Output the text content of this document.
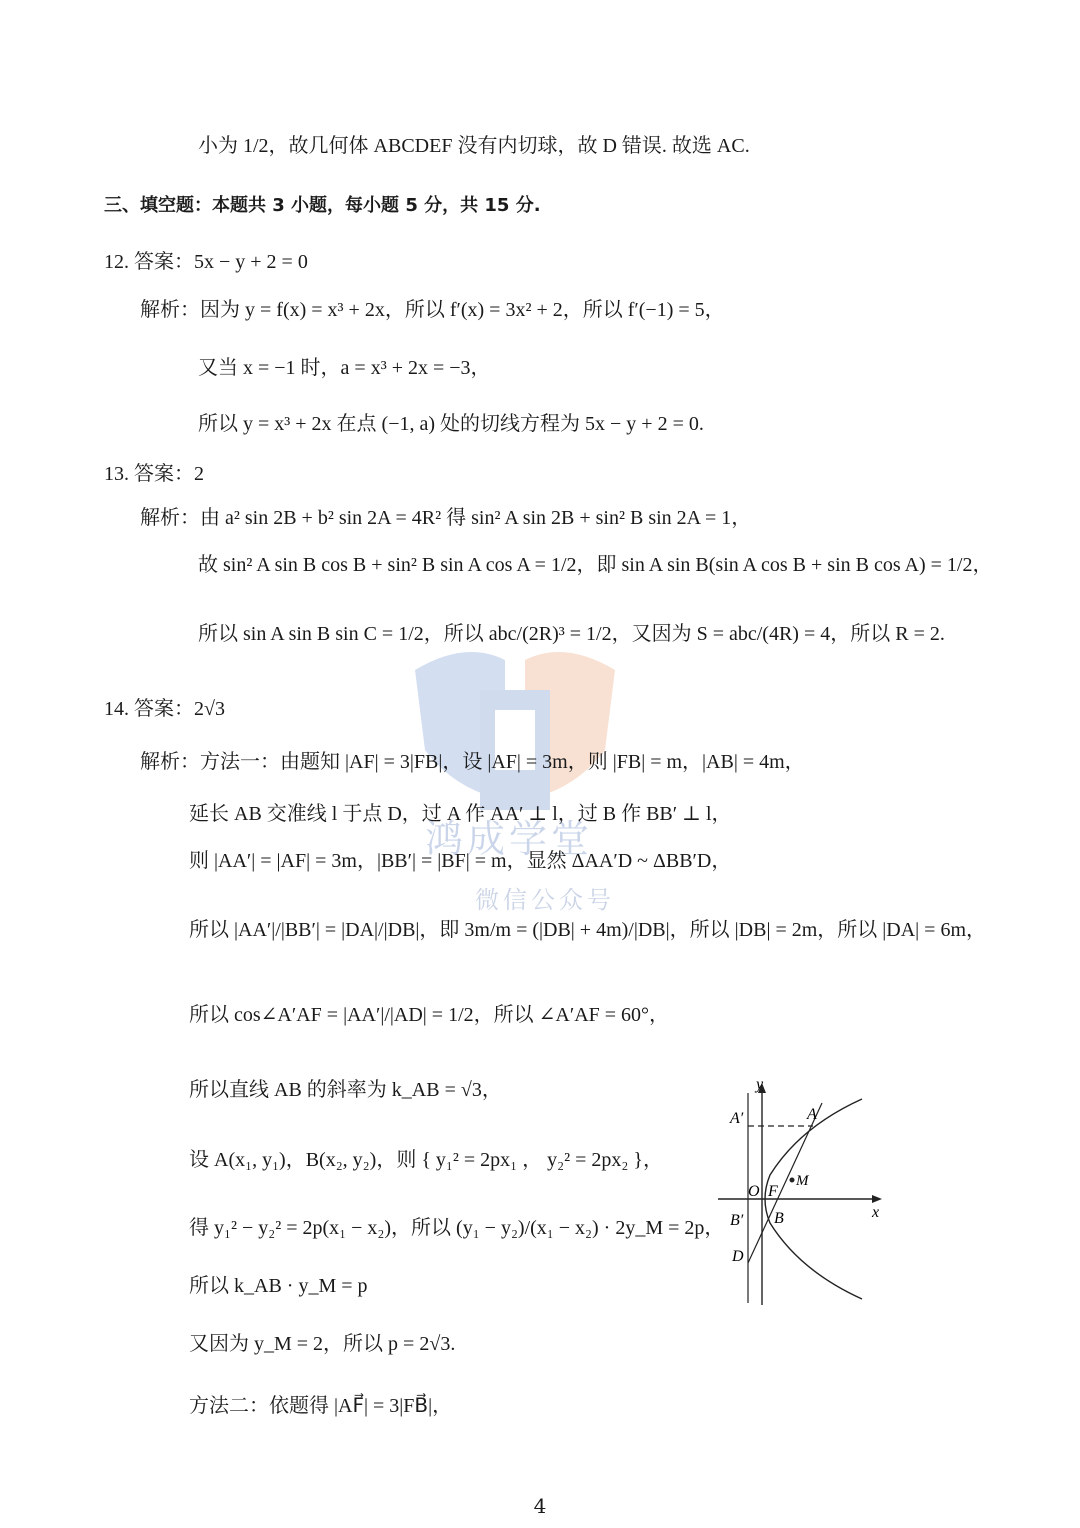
鸿成学堂
微信公众号
小为 1/2，故几何体 ABCDEF 没有内切球，故 D 错误. 故选 AC.
三、填空题：本题共 3 小题，每小题 5 分，共 15 分.
12. 答案：5x − y + 2 = 0
解析：因为 y = f(x) = x³ + 2x，所以 f′(x) = 3x² + 2，所以 f′(−1) = 5，
又当 x = −1 时，a = x³ + 2x = −3，
所以 y = x³ + 2x 在点 (−1, a) 处的切线方程为 5x − y + 2 = 0.
13. 答案：2
解析：由 a² sin 2B + b² sin 2A = 4R² 得 sin² A sin 2B + sin² B sin 2A = 1，
故 sin² A sin B cos B + sin² B sin A cos A = 1/2，即 sin A sin B(sin A cos B + sin B cos A) = 1/2，
所以 sin A sin B sin C = 1/2，所以 abc/(2R)³ = 1/2，又因为 S = abc/(4R) = 4，所以 R = 2.
14. 答案：2√3
解析：方法一：由题知 |AF| = 3|FB|，设 |AF| = 3m，则 |FB| = m，|AB| = 4m，
延长 AB 交准线 l 于点 D，过 A 作 AA′ ⊥ l，过 B 作 BB′ ⊥ l，
则 |AA′| = |AF| = 3m，|BB′| = |BF| = m，显然 ΔAA′D ~ ΔBB′D，
所以 |AA′|/|BB′| = |DA|/|DB|，即 3m/m = (|DB| + 4m)/|DB|，所以 |DB| = 2m，所以 |DA| = 6m，
所以 cos∠A′AF = |AA′|/|AD| = 1/2，所以 ∠A′AF = 60°，
所以直线 AB 的斜率为 k_AB = √3，
设 A(x₁, y₁)，B(x₂, y₂)，则 { y₁² = 2px₁ ， y₂² = 2px₂ }，
得 y₁² − y₂² = 2p(x₁ − x₂)，所以 (y₁ − y₂)/(x₁ − x₂) · 2y_M = 2p，
所以 k_AB · y_M = p
又因为 y_M = 2，所以 p = 2√3.
方法二：依题得 |AF⃗| = 3|FB⃗|，
y
x
A′	A
M
O F
B′ B
D
4
